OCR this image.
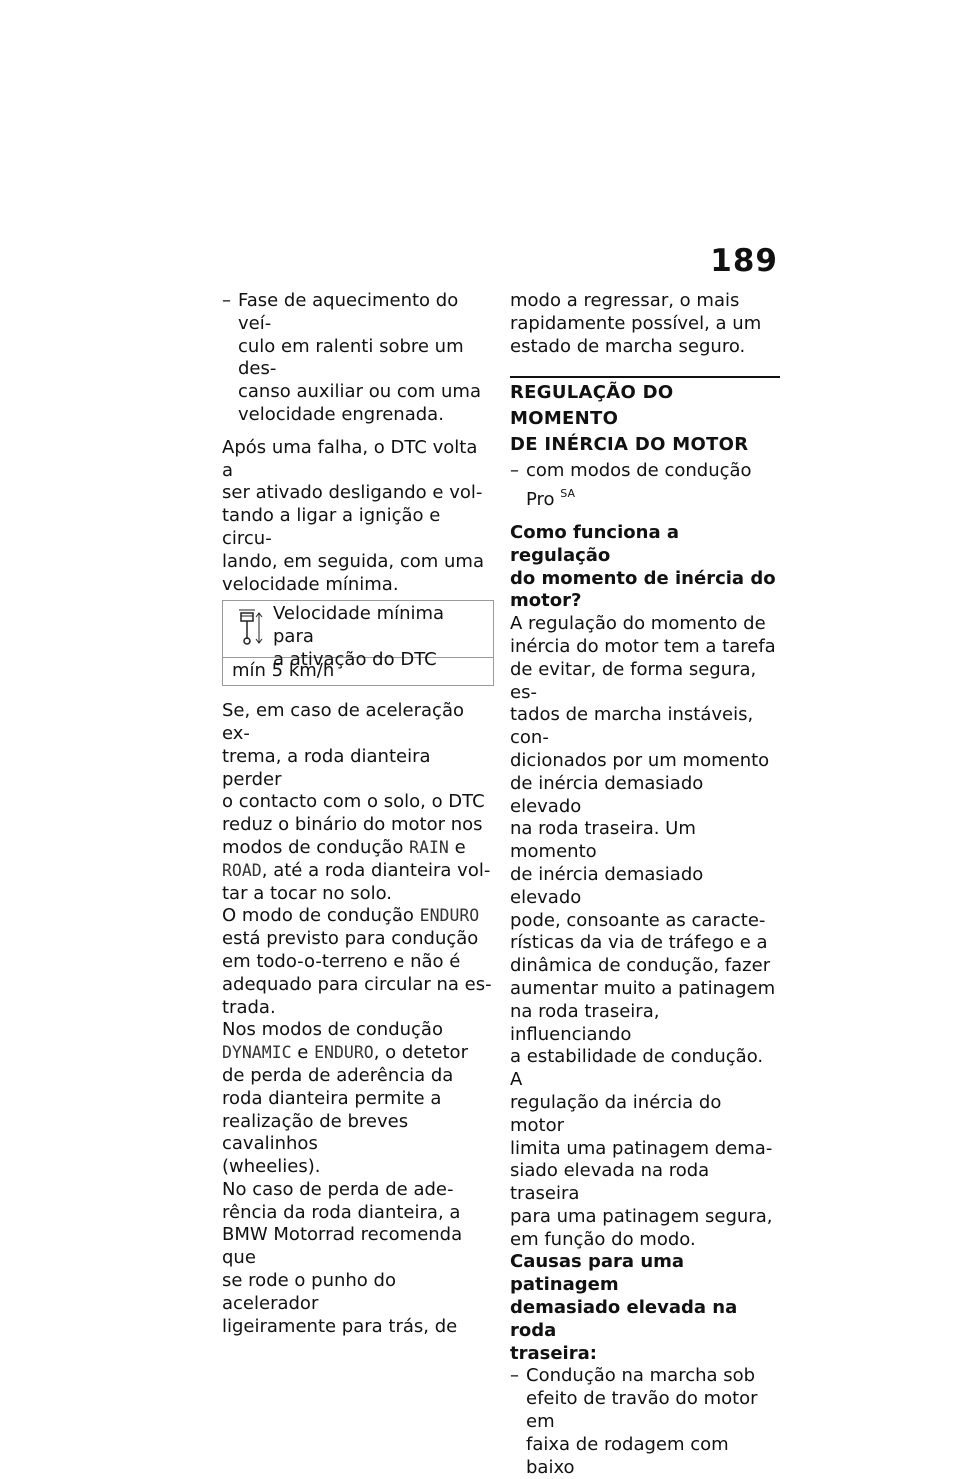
189
– Fase de aquecimento do veí-
culo em ralenti sobre um des-
canso auxiliar ou com uma
velocidade engrenada.
Após uma falha, o DTC volta a
ser ativado desligando e vol-
tando a ligar a ignição e circu-
lando, em seguida, com uma
velocidade mínima.
Velocidade mínima para
a ativação do DTC
mín 5 km/h
Se, em caso de aceleração ex-
trema, a roda dianteira perder
o contacto com o solo, o DTC
reduz o binário do motor nos
modos de condução RAIN e
ROAD, até a roda dianteira vol-
tar a tocar no solo.
O modo de condução ENDURO
está previsto para condução
em todo-o-terreno e não é
adequado para circular na es-
trada.
Nos modos de condução
DYNAMIC e ENDURO, o detetor
de perda de aderência da
roda dianteira permite a
realização de breves cavalinhos
(wheelies).
No caso de perda de ade-
rência da roda dianteira, a
BMW Motorrad recomenda que
se rode o punho do acelerador
ligeiramente para trás, de
modo a regressar, o mais
rapidamente possível, a um
estado de marcha seguro.
REGULAÇÃO DO MOMENTO
DE INÉRCIA DO MOTOR
– com modos de condução
Pro $^{SA}$
Como funciona a regulação
do momento de inércia do
motor?
A regulação do momento de
inércia do motor tem a tarefa
de evitar, de forma segura, es-
tados de marcha instáveis, con-
dicionados por um momento
de inércia demasiado elevado
na roda traseira. Um momento
de inércia demasiado elevado
pode, consoante as caracte-
rísticas da via de tráfego e a
dinâmica de condução, fazer
aumentar muito a patinagem
na roda traseira, influenciando
a estabilidade de condução. A
regulação da inércia do motor
limita uma patinagem dema-
siado elevada na roda traseira
para uma patinagem segura,
em função do modo.
Causas para uma patinagem
demasiado elevada na roda
traseira:
– Condução na marcha sob
efeito de travão do motor em
faixa de rodagem com baixo
